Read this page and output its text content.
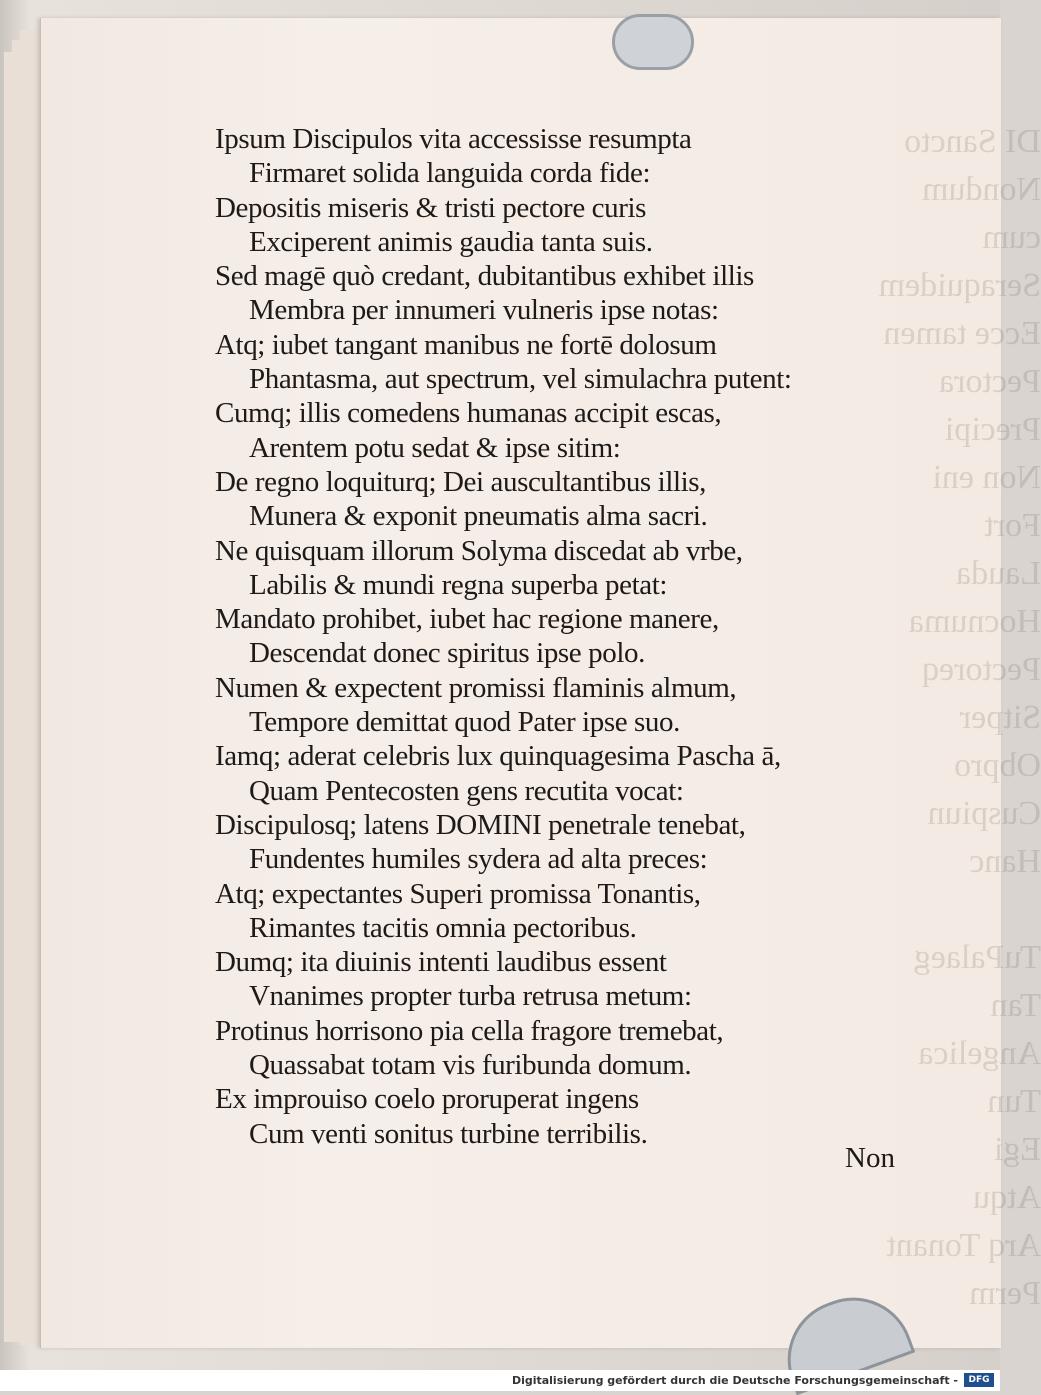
DI Sancto
Nondum cum
Seraquidem
Ecce tamen
Pectora
Precipi
Non eni
Fort
Lauda
Hocnuma
Pectoreq
Sitper
Obpro
Cuspiun
Hanc

TuPalaeg
Tan
Angelica
Tun
Egi
Atqu
Arq Tonant
Perm
Ipsum Discipulos vita accessisse resumpta
Firmaret solida languida corda fide:
Depositis miseris & tristi pectore curis
Exciperent animis gaudia tanta suis.
Sed magē quò credant, dubitantibus exhibet illis
Membra per innumeri vulneris ipse notas:
Atq; iubet tangant manibus ne fortē dolosum
Phantasma, aut spectrum, vel simulachra putent:
Cumq; illis comedens humanas accipit escas,
Arentem potu sedat & ipse sitim:
De regno loquiturq; Dei auscultantibus illis,
Munera & exponit pneumatis alma sacri.
Ne quisquam illorum Solyma discedat ab vrbe,
Labilis & mundi regna superba petat:
Mandato prohibet, iubet hac regione manere,
Descendat donec spiritus ipse polo.
Numen & expectent promissi flaminis almum,
Tempore demittat quod Pater ipse suo.
Iamq; aderat celebris lux quinquagesima Pascha ā,
Quam Pentecosten gens recutita vocat:
Discipulosq; latens DOMINI penetrale tenebat,
Fundentes humiles sydera ad alta preces:
Atq; expectantes Superi promissa Tonantis,
Rimantes tacitis omnia pectoribus.
Dumq; ita diuinis intenti laudibus essent
Vnanimes propter turba retrusa metum:
Protinus horrisono pia cella fragore tremebat,
Quassabat totam vis furibunda domum.
Ex improuiso coelo proruperat ingens
Cum venti sonitus turbine terribilis.
Non
Digitalisierung gefördert durch die Deutsche Forschungsgemeinschaft -	DFG
